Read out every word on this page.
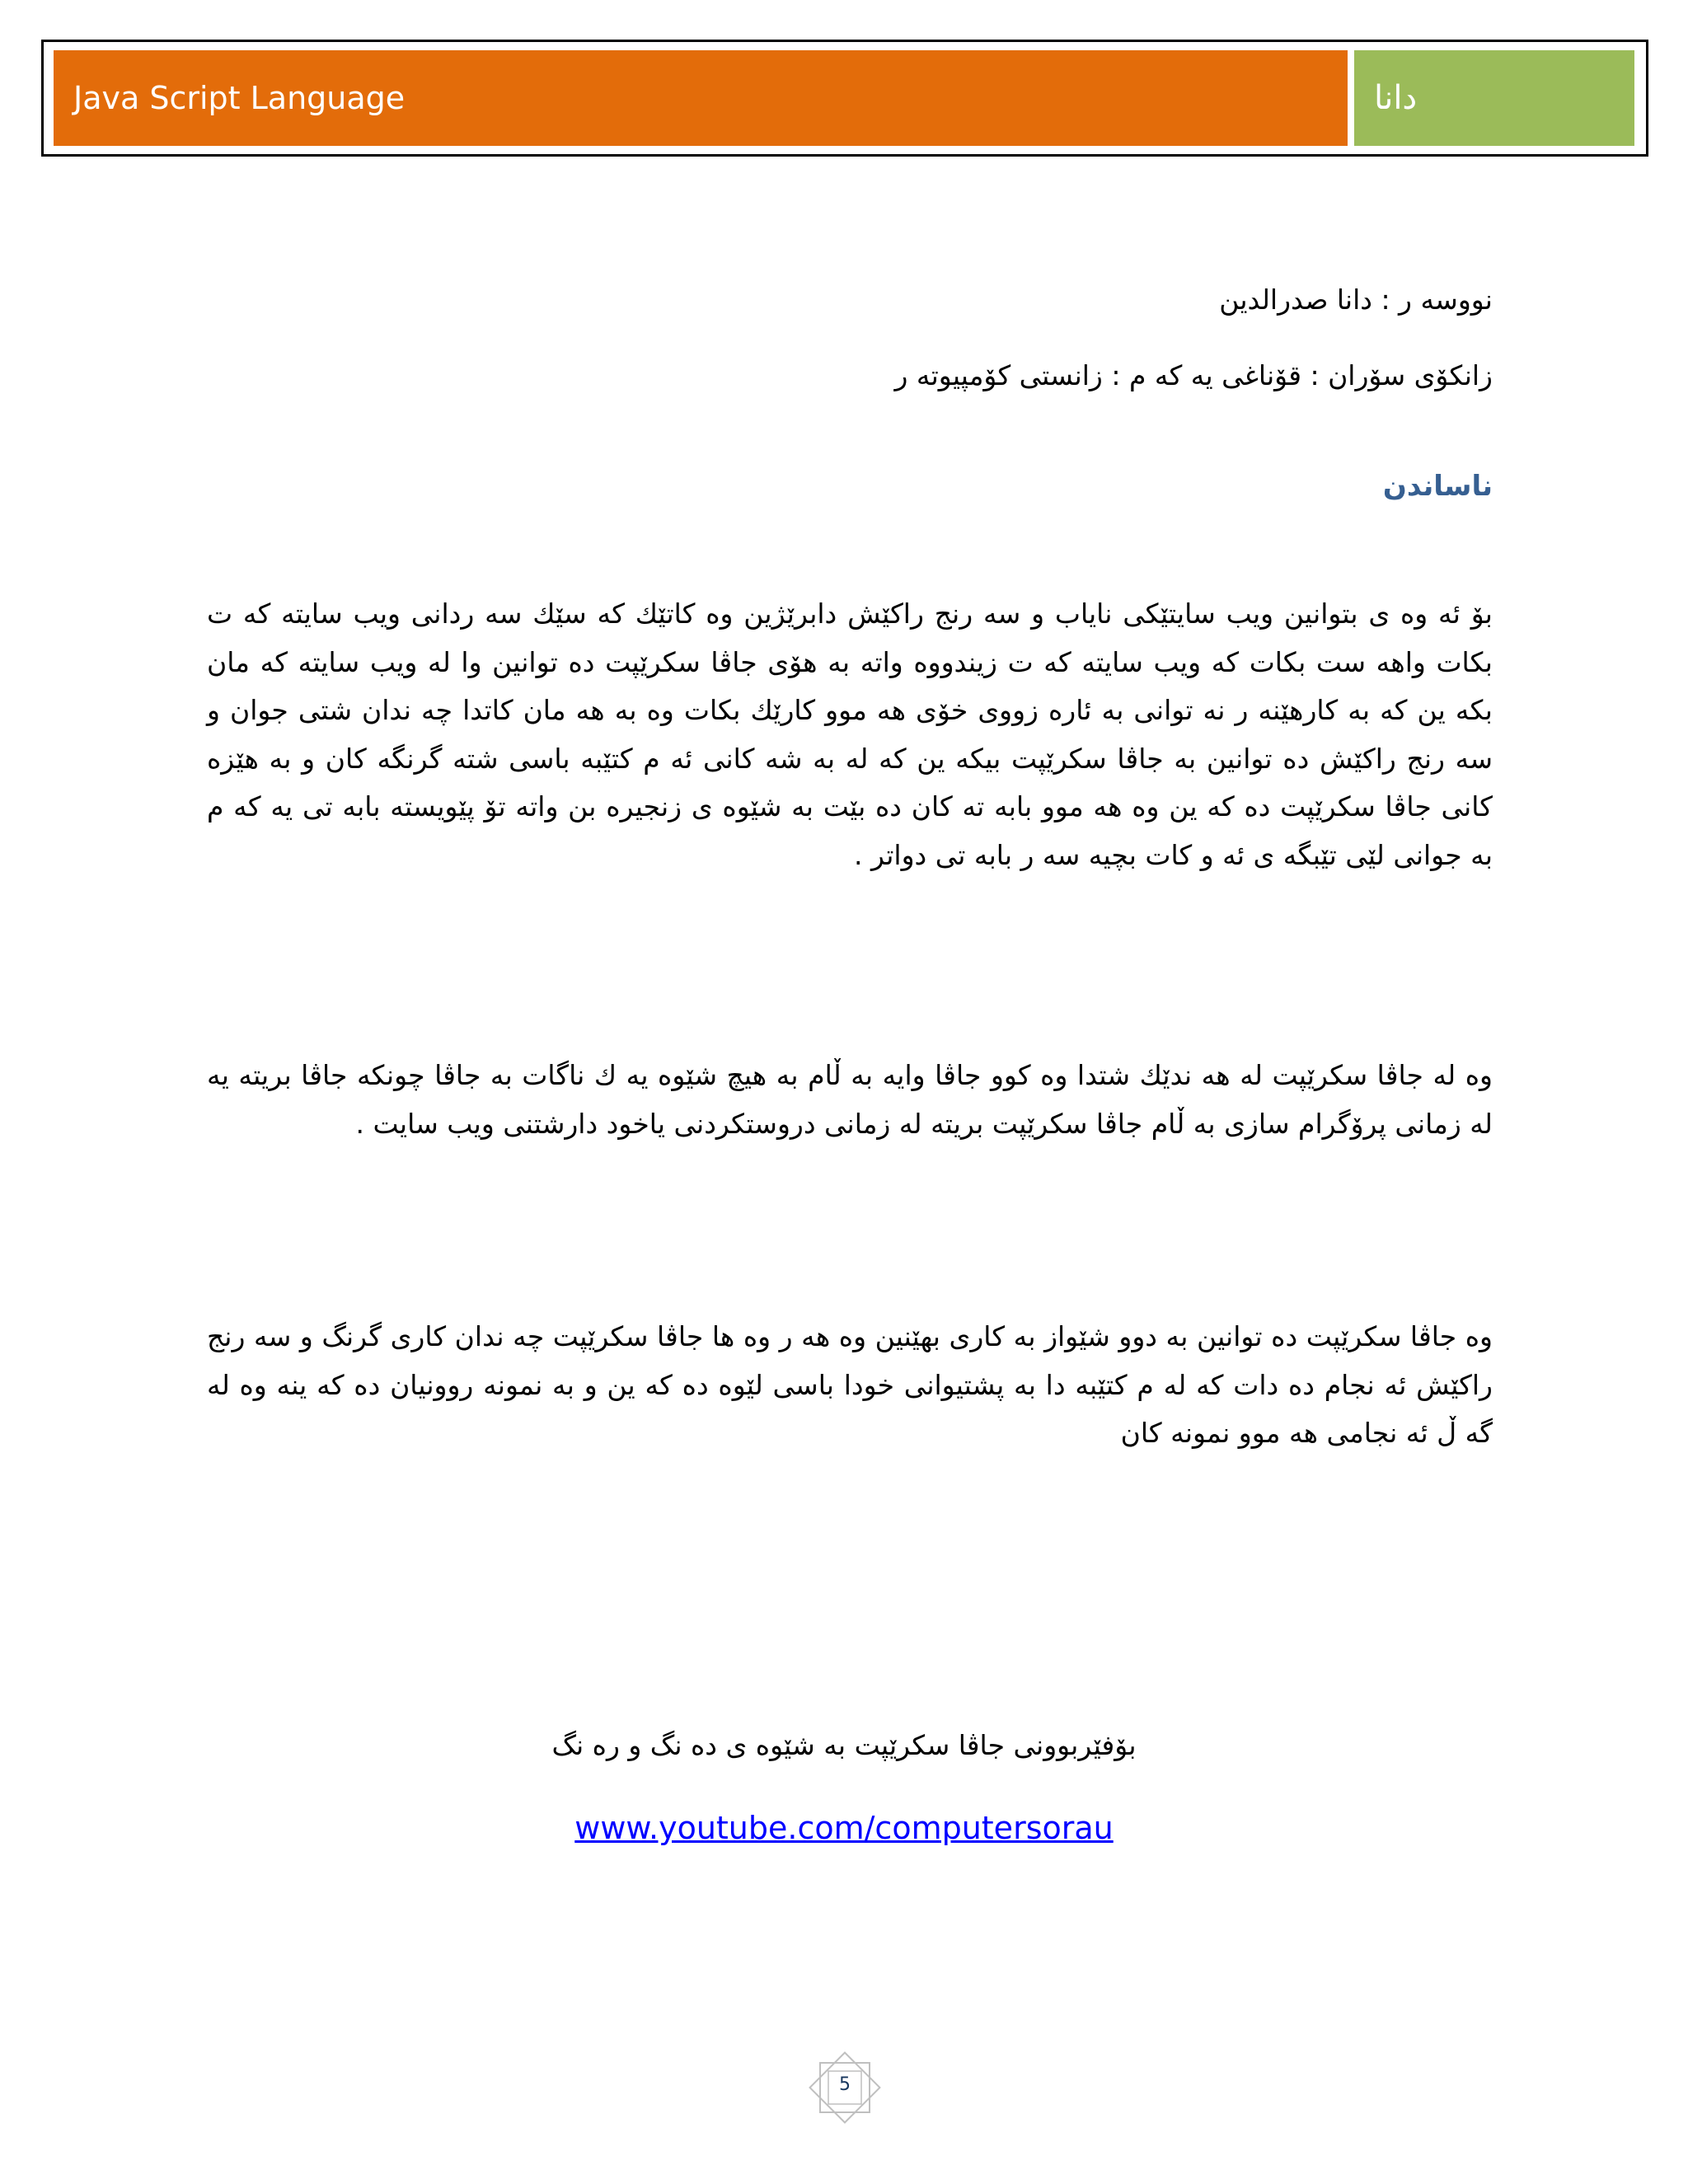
Java Script Language	دانا
نووسه ر : دانا صدرالدين
زانكۆى سۆران : قۆناغى يه كه م : زانستى كۆمپيوته ر
ناساندن
بۆ ئه وه ى بتوانين ويب سايتێكى ناياب و سه رنج راكێش دابرێژين وه كاتێك كه سێك سه ردانى ويب سايته كه ت بكات واهه ست بكات كه ويب سايته كه ت زيندووه واته به هۆى جاڤا سكرێپت ده توانين وا له ويب سايته كه مان بكه ين كه به كارهێنه ر نه توانى به ئاره زووى خۆى هه موو كارێك بكات وه به هه مان كاتدا چه ندان شتى جوان و سه رنج راكێش ده توانين به جاڤا سكرێپت بيكه ين كه له به شه كانى ئه م كتێبه باسى شته گرنگه كان و به هێزه كانى جاڤا سكرێپت ده كه ين وه هه موو بابه ته كان ده بێت به شێوه ى زنجيره بن واته تۆ پێويسته بابه تى يه كه م به جوانى لێى تێبگه ى ئه و كات بچيه سه ر بابه تى دواتر .
وه له جاڤا سكرێپت له هه ندێك شتدا وه كوو جاڤا وايه به ڵام به هيچ شێوه يه ك ناگات به جاڤا چونكه جاڤا بريته يه له زمانى پرۆگرام سازى به ڵام جاڤا سكرێپت بريته له زمانى دروستكردنى ياخود دارشتنى ويب سايت .
وه جاڤا سكرێپت ده توانين به دوو شێواز به كارى بهێنين وه هه ر وه ها جاڤا سكرێپت چه ندان كارى گرنگ و سه رنج راكێش ئه نجام ده دات كه له م كتێبه دا به پشتيوانى خودا باسى لێوه ده كه ين و به نمونه روونيان ده كه ينه وه له گه ڵ ئه نجامى هه موو نمونه كان
بۆفێربوونى جاڤا سكرێپت به شێوه ى ده نگ و ره نگ
www.youtube.com/computersorau
5
